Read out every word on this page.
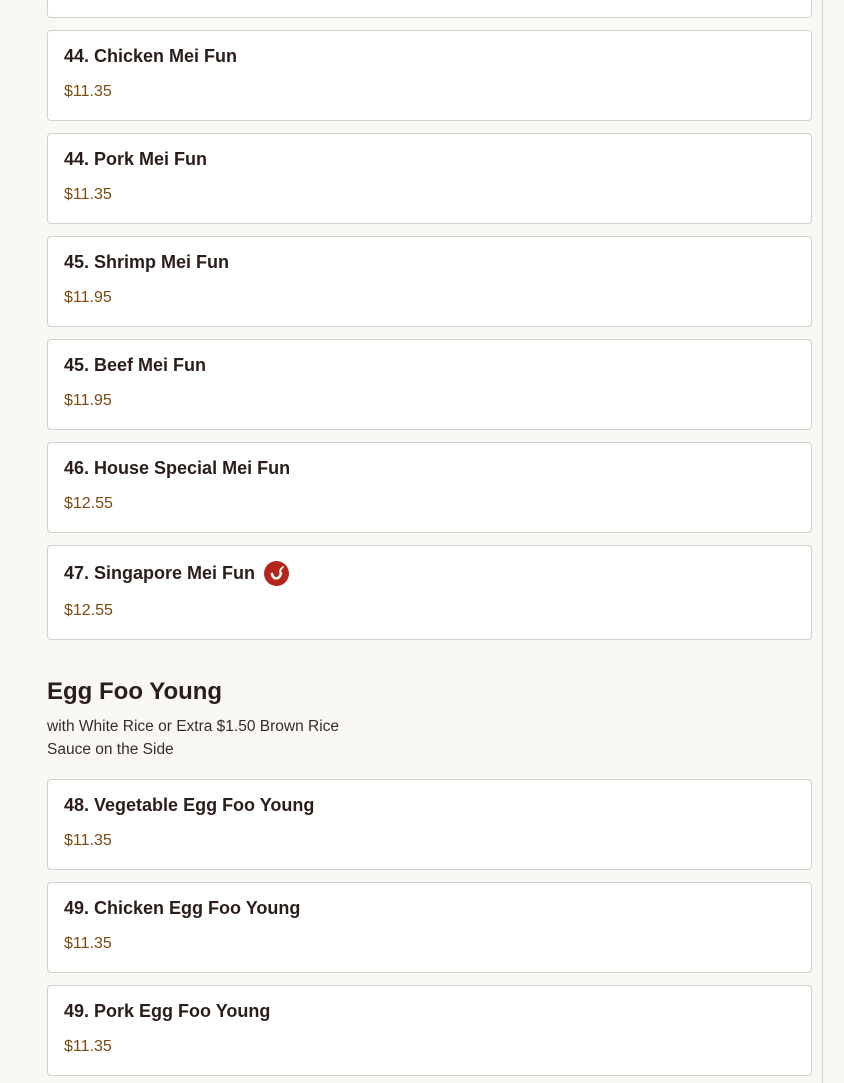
44. Chicken Mei Fun
$11.35
44. Pork Mei Fun
$11.35
45. Shrimp Mei Fun
$11.95
45. Beef Mei Fun
$11.95
46. House Special Mei Fun
$12.55
47. Singapore Mei Fun
$12.55
Egg Foo Young
with White Rice or Extra $1.50 Brown Rice
Sauce on the Side
48. Vegetable Egg Foo Young
$11.35
49. Chicken Egg Foo Young
$11.35
49. Pork Egg Foo Young
$11.35
